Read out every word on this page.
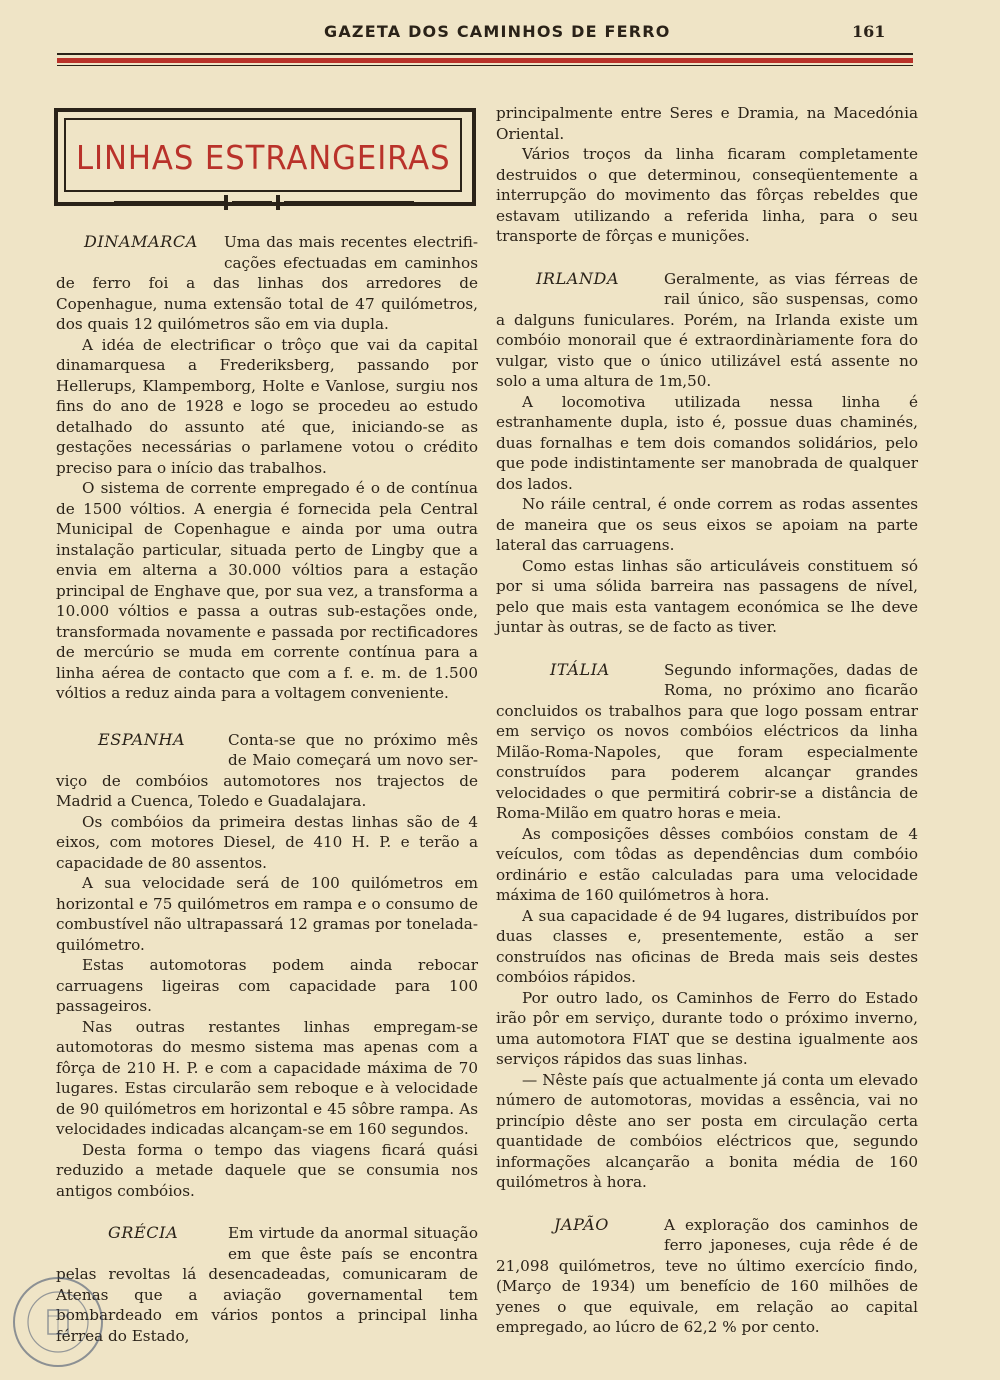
GAZETA DOS CAMINHOS DE FERRO	161
LINHAS ESTRANGEIRAS
DINAMARCA Uma das mais recentes electrifi-
cações efectuadas em caminhos

de ferro foi a das linhas dos arredores de Copenhague, numa extensão total de 47 quilómetros, dos quais 12 quilómetros são em via dupla.

A idéa de electrificar o trôço que vai da capital dinamarquesa a Frederiksberg, passando por Hellerups, Klampemborg, Holte e Vanlose, surgiu nos fins do ano de 1928 e logo se procedeu ao estudo detalhado do assunto até que, iniciando-se as gestações necessárias o parlamene votou o crédito preciso para o início das trabalhos.

O sistema de corrente empregado é o de contínua de 1500 vóltios. A energia é fornecida pela Central Municipal de Copenhague e ainda por uma outra instalação particular, situada perto de Lingby que a envia em alterna a 30.000 vóltios para a estação principal de Enghave que, por sua vez, a transforma a 10.000 vóltios e passa a outras sub-estações onde, transformada novamente e passada por rectificadores de mercúrio se muda em corrente contínua para a linha aérea de contacto que com a f. e. m. de 1.500 vóltios a reduz ainda para a voltagem conveniente.

ESPANHA	Conta-se que no próximo mês
de Maio começará um novo ser-

viço de combóios automotores nos trajectos de Madrid a Cuenca, Toledo e Guadalajara.

Os combóios da primeira destas linhas são de 4 eixos, com motores Diesel, de 410 H. P. e terão a capacidade de 80 assentos.

A sua velocidade será de 100 quilómetros em horizontal e 75 quilómetros em rampa e o consumo de combustível não ultrapassará 12 gramas por tonelada-quilómetro.

Estas automotoras podem ainda rebocar carruagens ligeiras com capacidade para 100 passageiros.

Nas outras restantes linhas empregam-se automotoras do mesmo sistema mas apenas com a fôrça de 210 H. P. e com a capacidade máxima de 70 lugares. Estas circularão sem reboque e à velocidade de 90 quilómetros em horizontal e 45 sôbre rampa. As velocidades indicadas alcançam-se em 160 segundos.

Desta forma o tempo das viagens ficará quási reduzido a metade daquele que se consumia nos antigos combóios.

GRÉCIA	Em virtude da anormal situação
em que êste país se encontra

pelas revoltas lá desencadeadas, comunicaram de Atenas que a aviação governamental tem bombardeado em vários pontos a principal linha férrea do Estado,

principalmente entre Seres e Dramia, na Macedónia Oriental.

Vários troços da linha ficaram completamente destruidos o que determinou, conseqüentemente a interrupção do movimento das fôrças rebeldes que estavam utilizando a referida linha, para o seu transporte de fôrças e munições.

IRLANDA	Geralmente, as vias férreas de
rail único, são suspensas, como

a dalguns funiculares. Porém, na Irlanda existe um combóio monorail que é extraordinàriamente fora do vulgar, visto que o único utilizável está assente no solo a uma altura de 1m,50.

A locomotiva utilizada nessa linha é estranhamente dupla, isto é, possue duas chaminés, duas fornalhas e tem dois comandos solidários, pelo que pode indistintamente ser manobrada de qualquer dos lados.

No ráile central, é onde correm as rodas assentes de maneira que os seus eixos se apoiam na parte lateral das carruagens.

Como estas linhas são articuláveis constituem só por si uma sólida barreira nas passagens de nível, pelo que mais esta vantagem económica se lhe deve juntar às outras, se de facto as tiver.

ITÁLIA	Segundo informações, dadas de
Roma, no próximo ano ficarão

concluidos os trabalhos para que logo possam entrar em serviço os novos combóios eléctricos da linha Milão-Roma-Napoles, que foram especialmente construídos para poderem alcançar grandes velocidades o que permitirá cobrir-se a distância de Roma-Milão em quatro horas e meia.

As composições dêsses combóios constam de 4 veículos, com tôdas as dependências dum combóio ordinário e estão calculadas para uma velocidade máxima de 160 quilómetros à hora.

A sua capacidade é de 94 lugares, distribuídos por duas classes e, presentemente, estão a ser construídos nas oficinas de Breda mais seis destes combóios rápidos.

Por outro lado, os Caminhos de Ferro do Estado irão pôr em serviço, durante todo o próximo inverno, uma automotora FIAT que se destina igualmente aos serviços rápidos das suas linhas.

— Nêste país que actualmente já conta um elevado número de automotoras, movidas a essência, vai no princípio dêste ano ser posta em circulação certa quantidade de combóios eléctricos que, segundo informações alcançarão a bonita média de 160 quilómetros à hora.

JAPÃO	A exploração dos caminhos de
ferro japoneses, cuja rêde é de

21,098 quilómetros, teve no último exercício findo, (Março de 1934) um benefício de 160 milhões de yenes o que equivale, em relação ao capital empregado, ao lúcro de 62,2 % por cento.
